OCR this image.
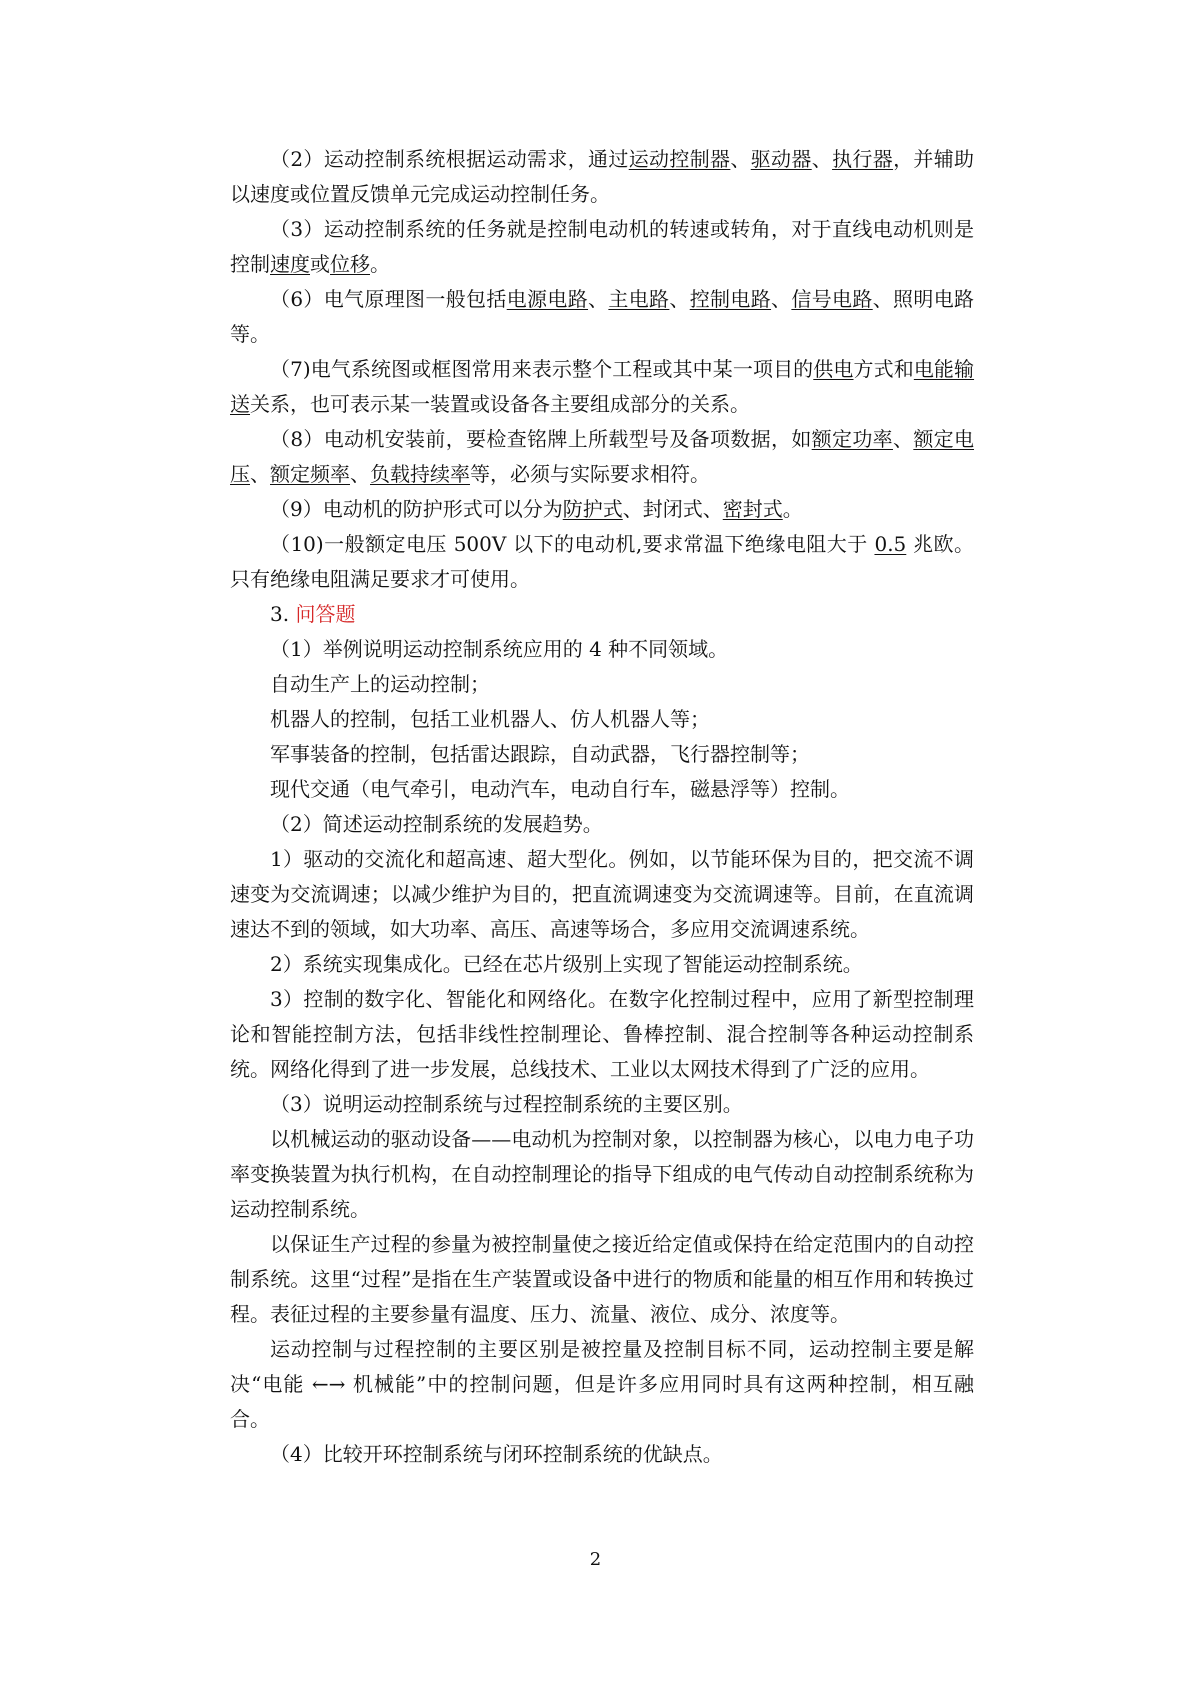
（2）运动控制系统根据运动需求，通过运动控制器、驱动器、执行器，并辅助以速度或位置反馈单元完成运动控制任务。

（3）运动控制系统的任务就是控制电动机的转速或转角，对于直线电动机则是控制速度或位移。

（6）电气原理图一般包括电源电路、主电路、控制电路、信号电路、照明电路等。

（7)电气系统图或框图常用来表示整个工程或其中某一项目的供电方式和电能输送关系，也可表示某一装置或设备各主要组成部分的关系。

（8）电动机安装前，要检查铭牌上所载型号及备项数据，如额定功率、额定电压、额定频率、负载持续率等，必须与实际要求相符。

（9）电动机的防护形式可以分为防护式、封闭式、密封式。

（10)一般额定电压 500V 以下的电动机,要求常温下绝缘电阻大于 0.5 兆欧。只有绝缘电阻满足要求才可使用。

3. 问答题

（1）举例说明运动控制系统应用的 4 种不同领域。

自动生产上的运动控制；

机器人的控制，包括工业机器人、仿人机器人等；

军事装备的控制，包括雷达跟踪，自动武器，飞行器控制等；

现代交通（电气牵引，电动汽车，电动自行车，磁悬浮等）控制。

（2）简述运动控制系统的发展趋势。

1）驱动的交流化和超高速、超大型化。例如，以节能环保为目的，把交流不调速变为交流调速；以减少维护为目的，把直流调速变为交流调速等。目前，在直流调速达不到的领域，如大功率、高压、高速等场合，多应用交流调速系统。

2）系统实现集成化。已经在芯片级别上实现了智能运动控制系统。

3）控制的数字化、智能化和网络化。在数字化控制过程中，应用了新型控制理论和智能控制方法，包括非线性控制理论、鲁棒控制、混合控制等各种运动控制系统。网络化得到了进一步发展，总线技术、工业以太网技术得到了广泛的应用。

（3）说明运动控制系统与过程控制系统的主要区别。

以机械运动的驱动设备——电动机为控制对象，以控制器为核心，以电力电子功率变换装置为执行机构，在自动控制理论的指导下组成的电气传动自动控制系统称为运动控制系统。

以保证生产过程的参量为被控制量使之接近给定值或保持在给定范围内的自动控制系统。这里“过程”是指在生产装置或设备中进行的物质和能量的相互作用和转换过程。表征过程的主要参量有温度、压力、流量、液位、成分、浓度等。

运动控制与过程控制的主要区别是被控量及控制目标不同，运动控制主要是解决“电能 ←→ 机械能”中的控制问题，但是许多应用同时具有这两种控制，相互融合。

（4）比较开环控制系统与闭环控制系统的优缺点。

2
